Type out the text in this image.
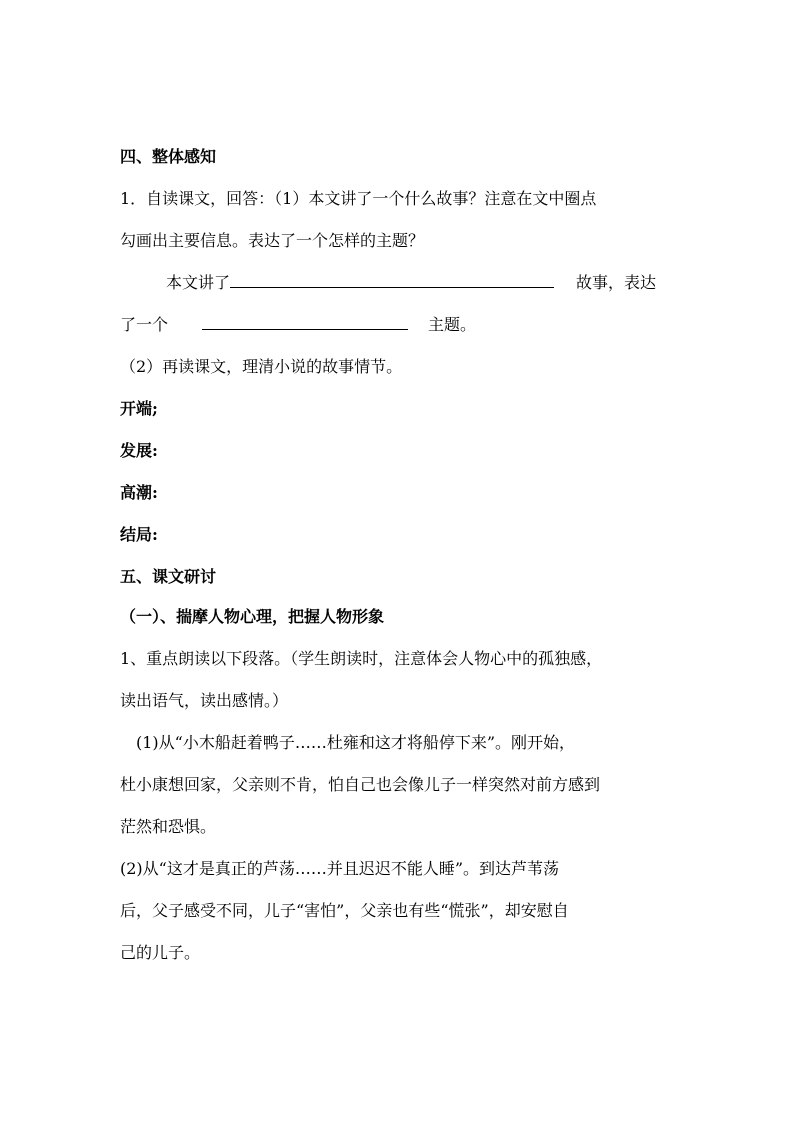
四、整体感知
1．自读课文，回答：（1）本文讲了一个什么故事？注意在文中圈点
勾画出主要信息。表达了一个怎样的主题？
本文讲了	故事，表达
了一个	主题。
（2）再读课文，理清小说的故事情节。
开端;
发展:
高潮:
结局:
五、课文研讨
（一）、揣摩人物心理，把握人物形象
1、重点朗读以下段落。（学生朗读时，注意体会人物心中的孤独感，
读出语气，读出感情。）
(1)从“小木船赶着鸭子……杜雍和这才将船停下来”。刚开始，
杜小康想回家，父亲则不肯，怕自己也会像儿子一样突然对前方感到
茫然和恐惧。
(2)从“这才是真正的芦荡……并且迟迟不能人睡”。到达芦苇荡
后，父子感受不同，儿子“害怕”，父亲也有些“慌张”，却安慰自
己的儿子。
